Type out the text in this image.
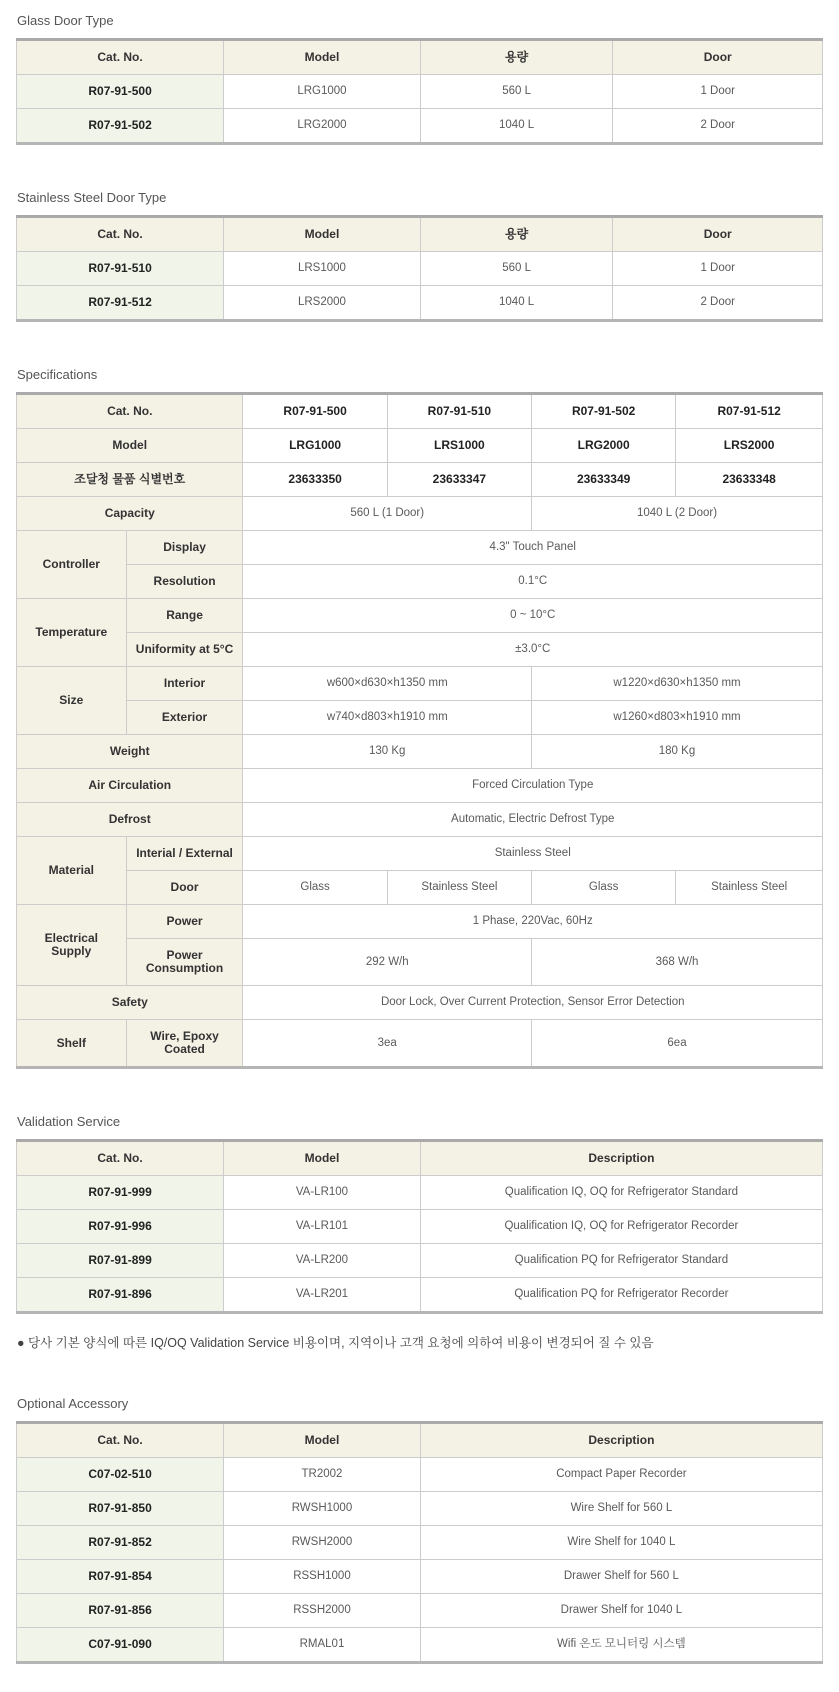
Glass Door Type
Cat. No.	Model	용량	Door
R07-91-500	LRG1000	560 L	1 Door
R07-91-502	LRG2000	1040 L	2 Door
Stainless Steel Door Type
Cat. No.	Model	용량	Door
R07-91-510	LRS1000	560 L	1 Door
R07-91-512	LRS2000	1040 L	2 Door
Specifications
Cat. No.		R07-91-500	R07-91-510	R07-91-502	R07-91-512
Model		LRG1000	LRS1000	LRG2000	LRS2000
조달청 물품 식별번호		23633350	23633347	23633349	23633348
Capacity		560 L (1 Door)		1040 L (2 Door)	
Controller	Display	4.3" Touch Panel			
	Resolution	0.1°C			
Temperature	Range	0 ~ 10°C			
	Uniformity at 5°C	±3.0°C			
Size	Interior	w600×d630×h1350 mm		w1220×d630×h1350 mm	
	Exterior	w740×d803×h1910 mm		w1260×d803×h1910 mm	
Weight		130 Kg		180 Kg	
Air Circulation		Forced Circulation Type			
Defrost		Automatic, Electric Defrost Type			
Material	Interial / External	Stainless Steel			
	Door	Glass	Stainless Steel	Glass	Stainless Steel
Electrical Supply	Power	1 Phase, 220Vac, 60Hz			
	Power Consumption	292 W/h		368 W/h	
Safety		Door Lock, Over Current Protection, Sensor Error Detection			
Shelf	Wire, Epoxy Coated	3ea		6ea	
Validation Service
Cat. No.	Model	Description
R07-91-999	VA-LR100	Qualification IQ, OQ for Refrigerator Standard
R07-91-996	VA-LR101	Qualification IQ, OQ for Refrigerator Recorder
R07-91-899	VA-LR200	Qualification PQ for Refrigerator Standard
R07-91-896	VA-LR201	Qualification PQ for Refrigerator Recorder

● 당사 기본 양식에 따른 IQ/OQ Validation Service 비용이며, 지역이나 고객 요청에 의하여 비용이 변경되어 질 수 있음

Optional Accessory
Cat. No.	Model	Description
C07-02-510	TR2002	Compact Paper Recorder
R07-91-850	RWSH1000	Wire Shelf for 560 L
R07-91-852	RWSH2000	Wire Shelf for 1040 L
R07-91-854	RSSH1000	Drawer Shelf for 560 L
R07-91-856	RSSH2000	Drawer Shelf for 1040 L
C07-91-090	RMAL01	Wifi 온도 모니터링 시스템
